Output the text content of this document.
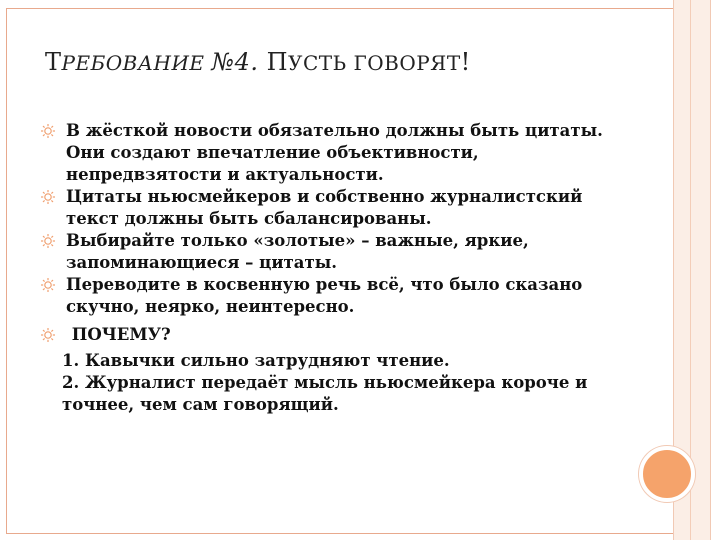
ТРЕБОВАНИЕ №4. ПУСТЬ ГОВОРЯТ!

В жёсткой новости обязательно должны быть цитаты. Они создают впечатление объективности, непредвзятости и актуальности.

Цитаты ньюсмейкеров и собственно журналистский текст должны быть сбалансированы.

Выбирайте только «золотые» – важные, яркие, запоминающиеся – цитаты.

Переводите в косвенную речь всё, что было сказано скучно, неярко, неинтересно.

ПОЧЕМУ?

1. Кавычки сильно затрудняют чтение.

2. Журналист передаёт мысль ньюсмейкера короче и точнее, чем сам говорящий.
